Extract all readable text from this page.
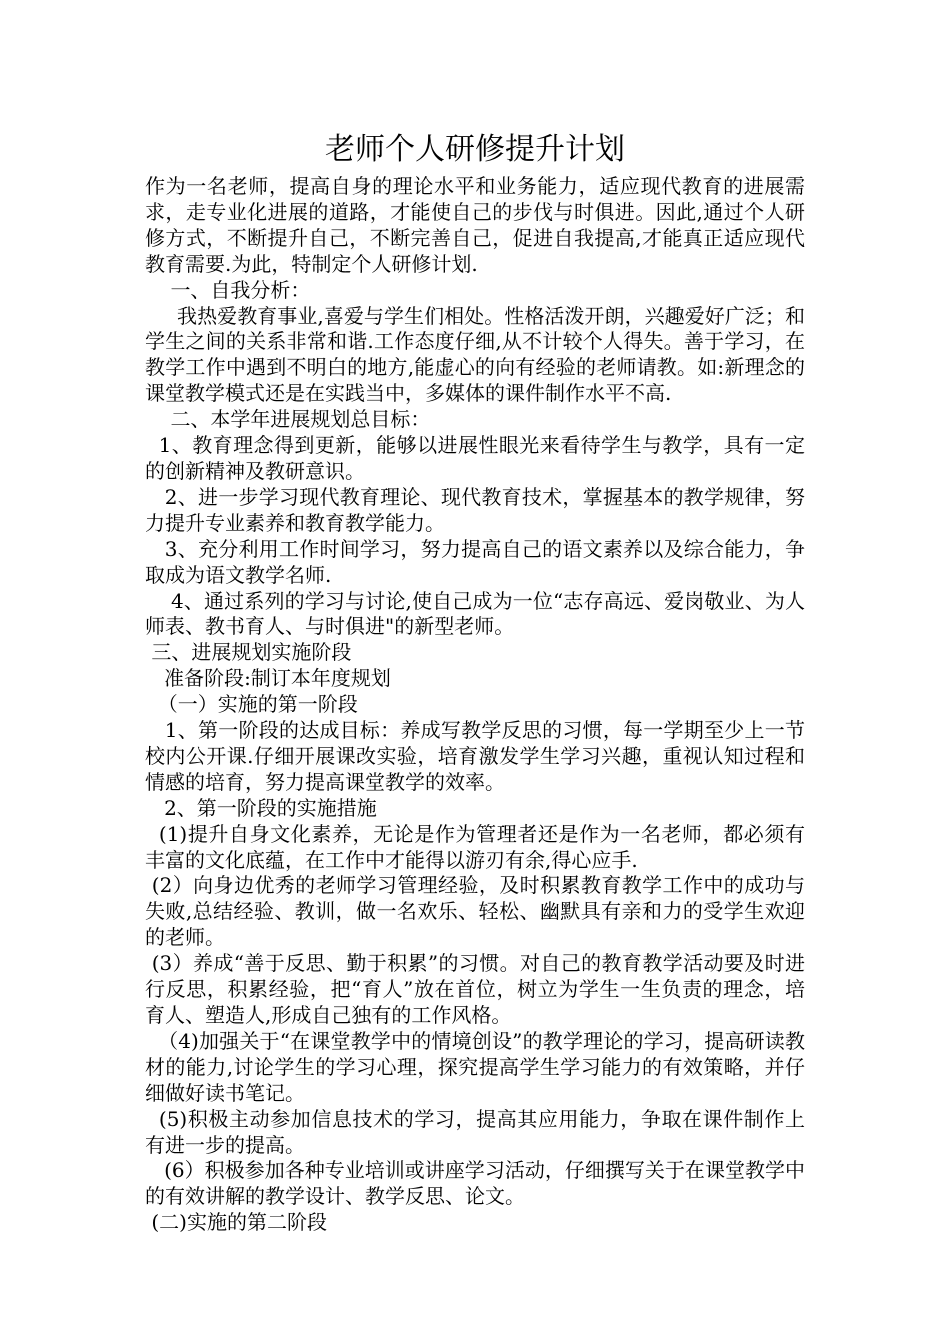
老师个人研修提升计划

作为一名老师，提高自身的理论水平和业务能力，适应现代教育的进展需求，走专业化进展的道路，才能使自己的步伐与时俱进。因此,通过个人研修方式，不断提升自己，不断完善自己，促进自我提高,才能真正适应现代教育需要.为此，特制定个人研修计划.

一、自我分析：

我热爱教育事业,喜爱与学生们相处。性格活泼开朗，兴趣爱好广泛；和学生之间的关系非常和谐.工作态度仔细,从不计较个人得失。善于学习，在教学工作中遇到不明白的地方,能虚心的向有经验的老师请教。如:新理念的课堂教学模式还是在实践当中，多媒体的课件制作水平不高.

二、本学年进展规划总目标：

1、教育理念得到更新，能够以进展性眼光来看待学生与教学，具有一定的创新精神及教研意识。

2、进一步学习现代教育理论、现代教育技术，掌握基本的教学规律，努力提升专业素养和教育教学能力。

3、充分利用工作时间学习，努力提高自己的语文素养以及综合能力，争取成为语文教学名师.

4、通过系列的学习与讨论,使自己成为一位“志存高远、爱岗敬业、为人师表、教书育人、与时俱进"的新型老师。

三、进展规划实施阶段

准备阶段:制订本年度规划

（一）实施的第一阶段

1、第一阶段的达成目标：养成写教学反思的习惯，每一学期至少上一节校内公开课.仔细开展课改实验，培育激发学生学习兴趣，重视认知过程和情感的培育，努力提高课堂教学的效率。

2、第一阶段的实施措施

(1)提升自身文化素养，无论是作为管理者还是作为一名老师，都必须有丰富的文化底蕴，在工作中才能得以游刃有余,得心应手.

(2）向身边优秀的老师学习管理经验，及时积累教育教学工作中的成功与失败,总结经验、教训，做一名欢乐、轻松、幽默具有亲和力的受学生欢迎的老师。

(3）养成“善于反思、勤于积累”的习惯。对自己的教育教学活动要及时进行反思，积累经验，把“育人”放在首位，树立为学生一生负责的理念，培育人、塑造人,形成自己独有的工作风格。

（4)加强关于“在课堂教学中的情境创设”的教学理论的学习，提高研读教材的能力,讨论学生的学习心理，探究提高学生学习能力的有效策略，并仔细做好读书笔记。

(5)积极主动参加信息技术的学习，提高其应用能力，争取在课件制作上有进一步的提高。

(6）积极参加各种专业培训或讲座学习活动，仔细撰写关于在课堂教学中的有效讲解的教学设计、教学反思、论文。

(二)实施的第二阶段
